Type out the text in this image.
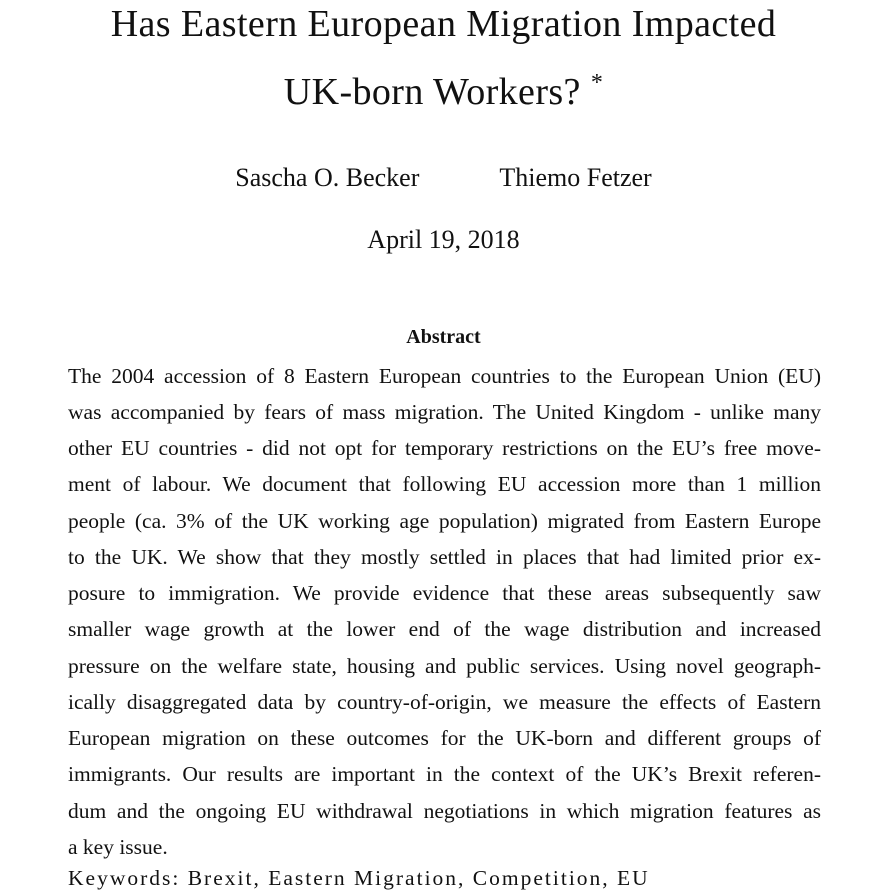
Has Eastern European Migration Impacted
UK-born Workers? *
Sascha O. Becker	Thiemo Fetzer
April 19, 2018
Abstract
The 2004 accession of 8 Eastern European countries to the European Union (EU)
was accompanied by fears of mass migration. The United Kingdom - unlike many
other EU countries - did not opt for temporary restrictions on the EU’s free move-
ment of labour. We document that following EU accession more than 1 million
people (ca. 3% of the UK working age population) migrated from Eastern Europe
to the UK. We show that they mostly settled in places that had limited prior ex-
posure to immigration. We provide evidence that these areas subsequently saw
smaller wage growth at the lower end of the wage distribution and increased
pressure on the welfare state, housing and public services. Using novel geograph-
ically disaggregated data by country-of-origin, we measure the effects of Eastern
European migration on these outcomes for the UK-born and different groups of
immigrants. Our results are important in the context of the UK’s Brexit referen-
dum and the ongoing EU withdrawal negotiations in which migration features as
a key issue.
Keywords: Brexit, Eastern Migration, Competition, EU
